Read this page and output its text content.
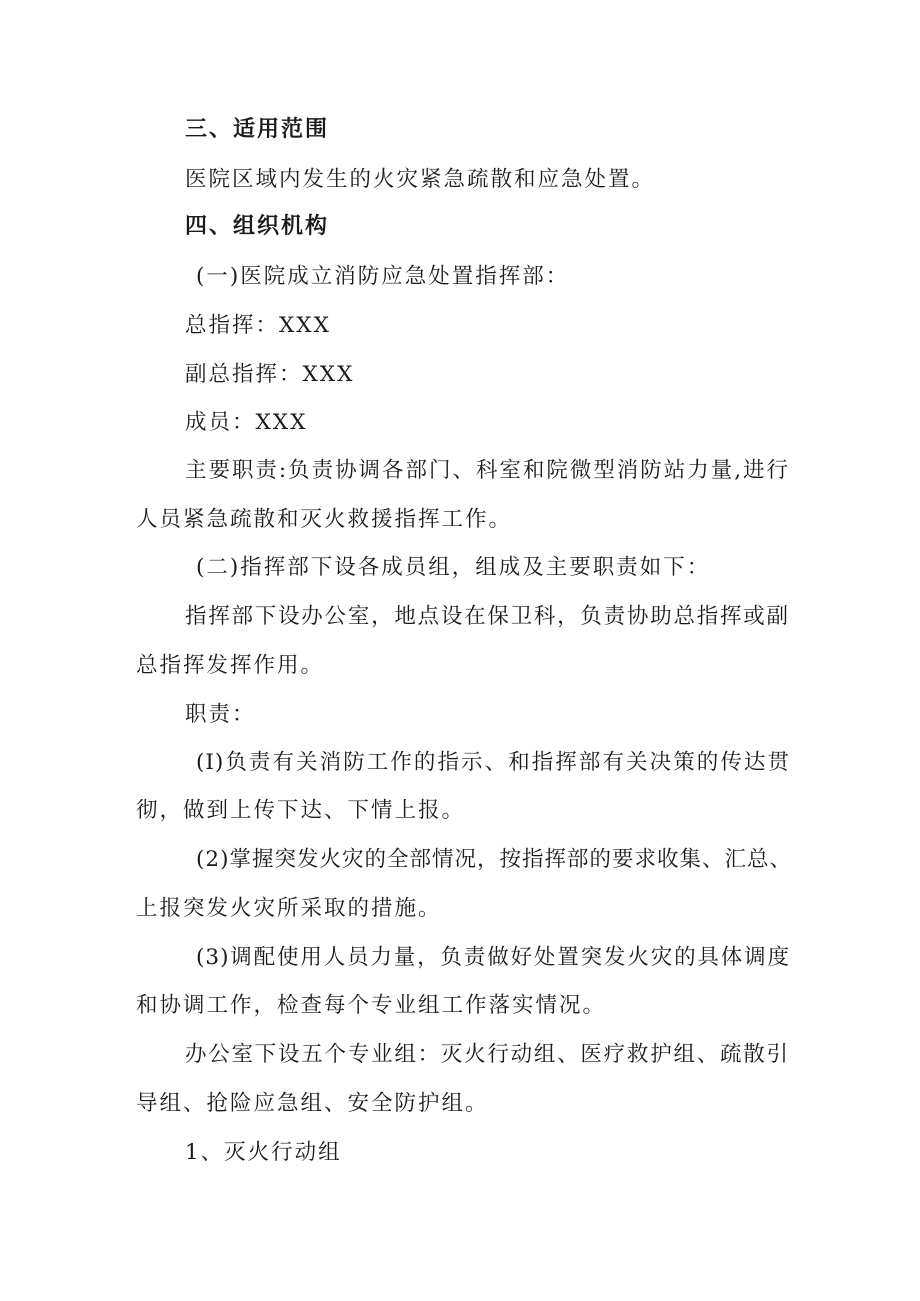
三、适用范围
医院区域内发生的火灾紧急疏散和应急处置。
四、组织机构
(一)医院成立消防应急处置指挥部：
总指挥：XXX
副总指挥：XXX
成员：XXX
主要职责:负责协调各部门、科室和院微型消防站力量,进行
人员紧急疏散和灭火救援指挥工作。
(二)指挥部下设各成员组，组成及主要职责如下：
指挥部下设办公室，地点设在保卫科，负责协助总指挥或副
总指挥发挥作用。
职责：
(I)负责有关消防工作的指示、和指挥部有关决策的传达贯
彻，做到上传下达、下情上报。
(2)掌握突发火灾的全部情况，按指挥部的要求收集、汇总、
上报突发火灾所采取的措施。
(3)调配使用人员力量，负责做好处置突发火灾的具体调度
和协调工作，检查每个专业组工作落实情况。
办公室下设五个专业组：灭火行动组、医疗救护组、疏散引
导组、抢险应急组、安全防护组。
1、灭火行动组
